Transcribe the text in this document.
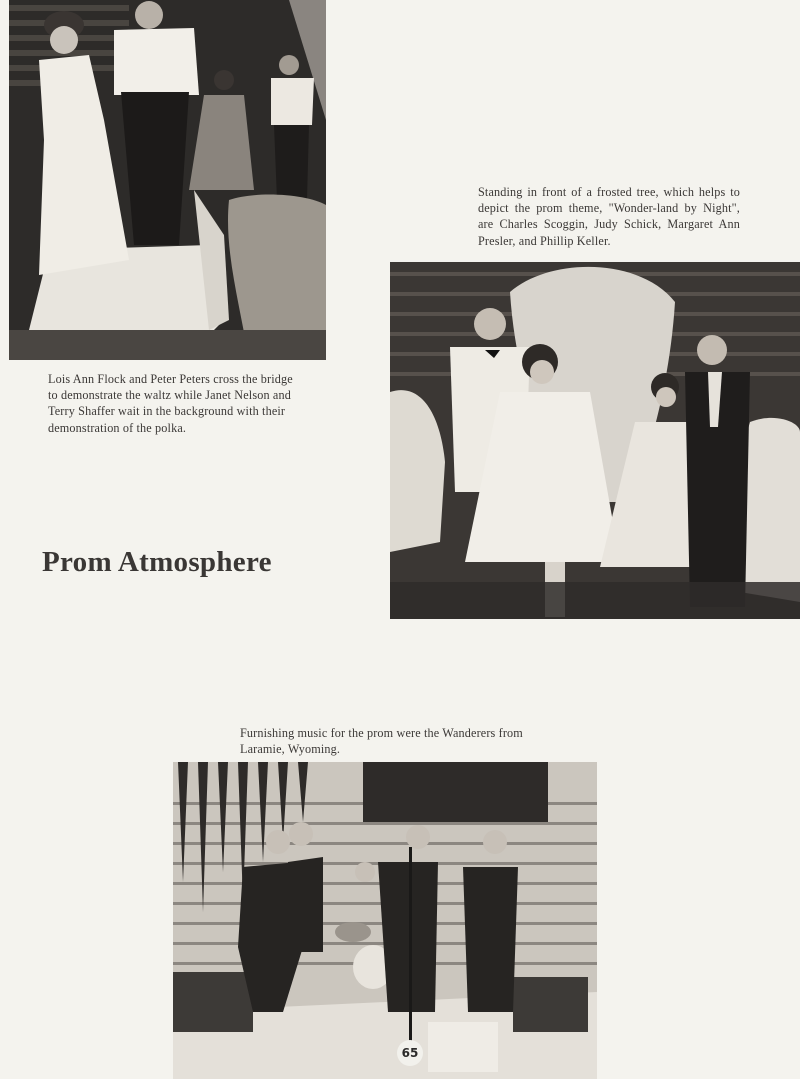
Lois Ann Flock and Peter Peters cross the bridge to demonstrate the waltz while Janet Nelson and Terry Shaffer wait in the background with their demonstration of the polka.
Standing in front of a frosted tree, which helps to depict the prom theme, "Wonder-land by Night", are Charles Scoggin, Judy Schick, Margaret Ann Presler, and Phillip Keller.
Prom Atmosphere
Furnishing music for the prom were the Wanderers from Laramie, Wyoming.
65
